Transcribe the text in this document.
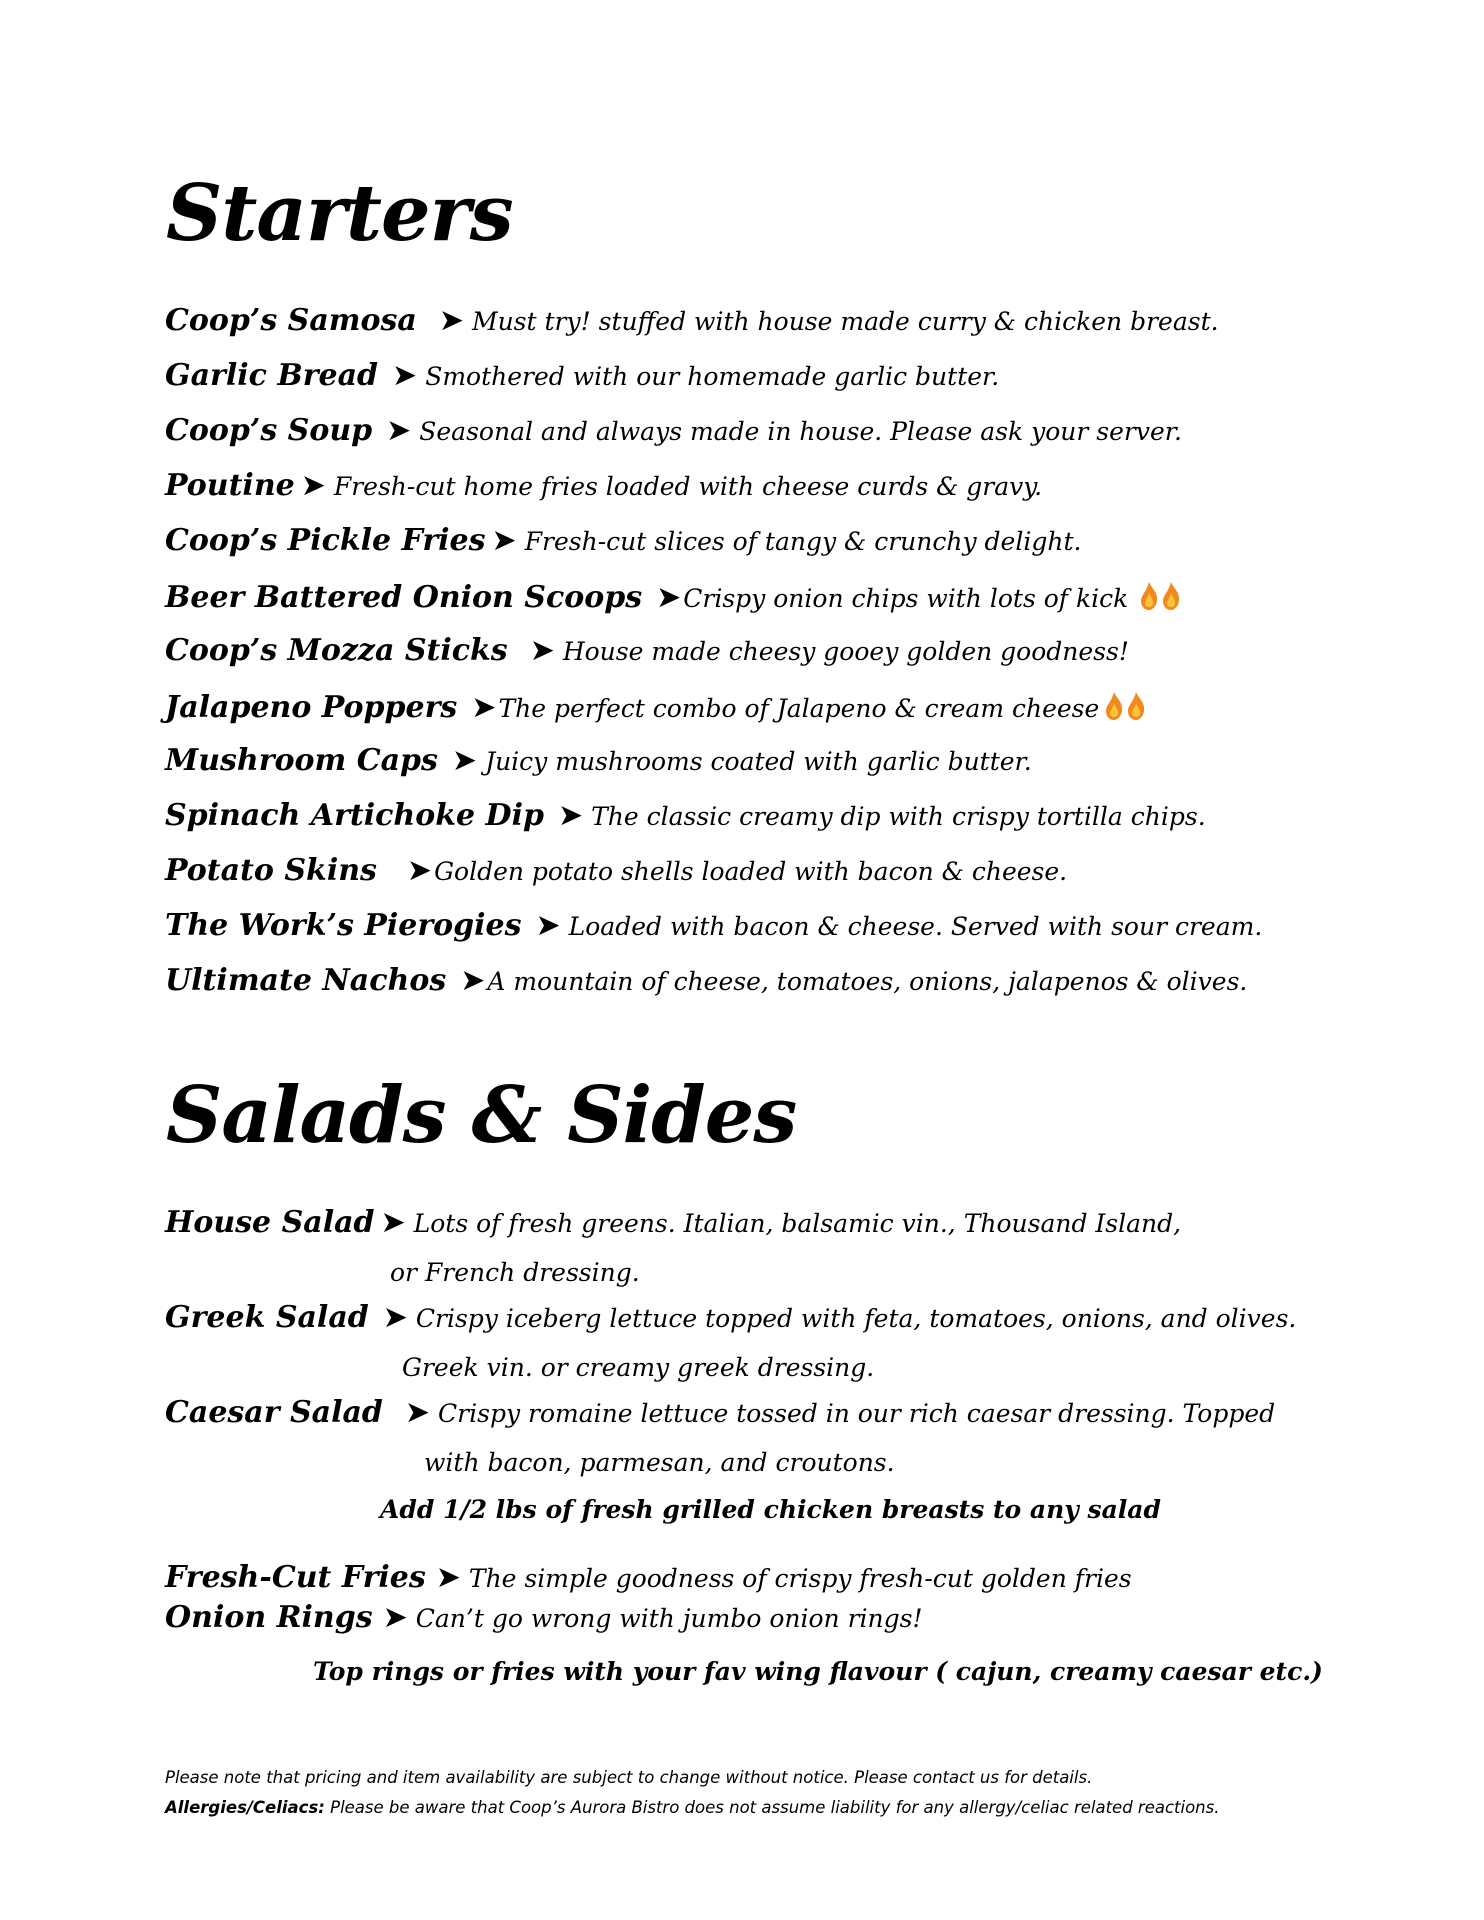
Starters
Coop’s Samosa ➤ Must try! stuffed with house made curry & chicken breast.
Garlic Bread ➤ Smothered with our homemade garlic butter.
Coop’s Soup ➤ Seasonal and always made in house. Please ask your server.
Poutine ➤ Fresh-cut home fries loaded with cheese curds & gravy.
Coop’s Pickle Fries ➤ Fresh-cut slices of tangy & crunchy delight.
Beer Battered Onion Scoops ➤Crispy onion chips with lots of kick
Coop’s Mozza Sticks ➤ House made cheesy gooey golden goodness!
Jalapeno Poppers ➤The perfect combo of Jalapeno & cream cheese
Mushroom Caps ➤ Juicy mushrooms coated with garlic butter.
Spinach Artichoke Dip ➤ The classic creamy dip with crispy tortilla chips.
Potato Skins ➤Golden potato shells loaded with bacon & cheese.
The Work’s Pierogies ➤ Loaded with bacon & cheese. Served with sour cream.
Ultimate Nachos ➤A mountain of cheese, tomatoes, onions, jalapenos & olives.
Salads & Sides
House Salad ➤ Lots of fresh greens. Italian, balsamic vin., Thousand Island,
or French dressing.
Greek Salad ➤ Crispy iceberg lettuce topped with feta, tomatoes, onions, and olives.
Greek vin. or creamy greek dressing.
Caesar Salad ➤ Crispy romaine lettuce tossed in our rich caesar dressing. Topped
with bacon, parmesan, and croutons.
Add 1/2 lbs of fresh grilled chicken breasts to any salad
Fresh-Cut Fries ➤ The simple goodness of crispy fresh-cut golden fries
Onion Rings ➤ Can’t go wrong with jumbo onion rings!
Top rings or fries with your fav wing flavour ( cajun, creamy caesar etc.)
Please note that pricing and item availability are subject to change without notice. Please contact us for details.
Allergies/Celiacs: Please be aware that Coop’s Aurora Bistro does not assume liability for any allergy/celiac related reactions.
